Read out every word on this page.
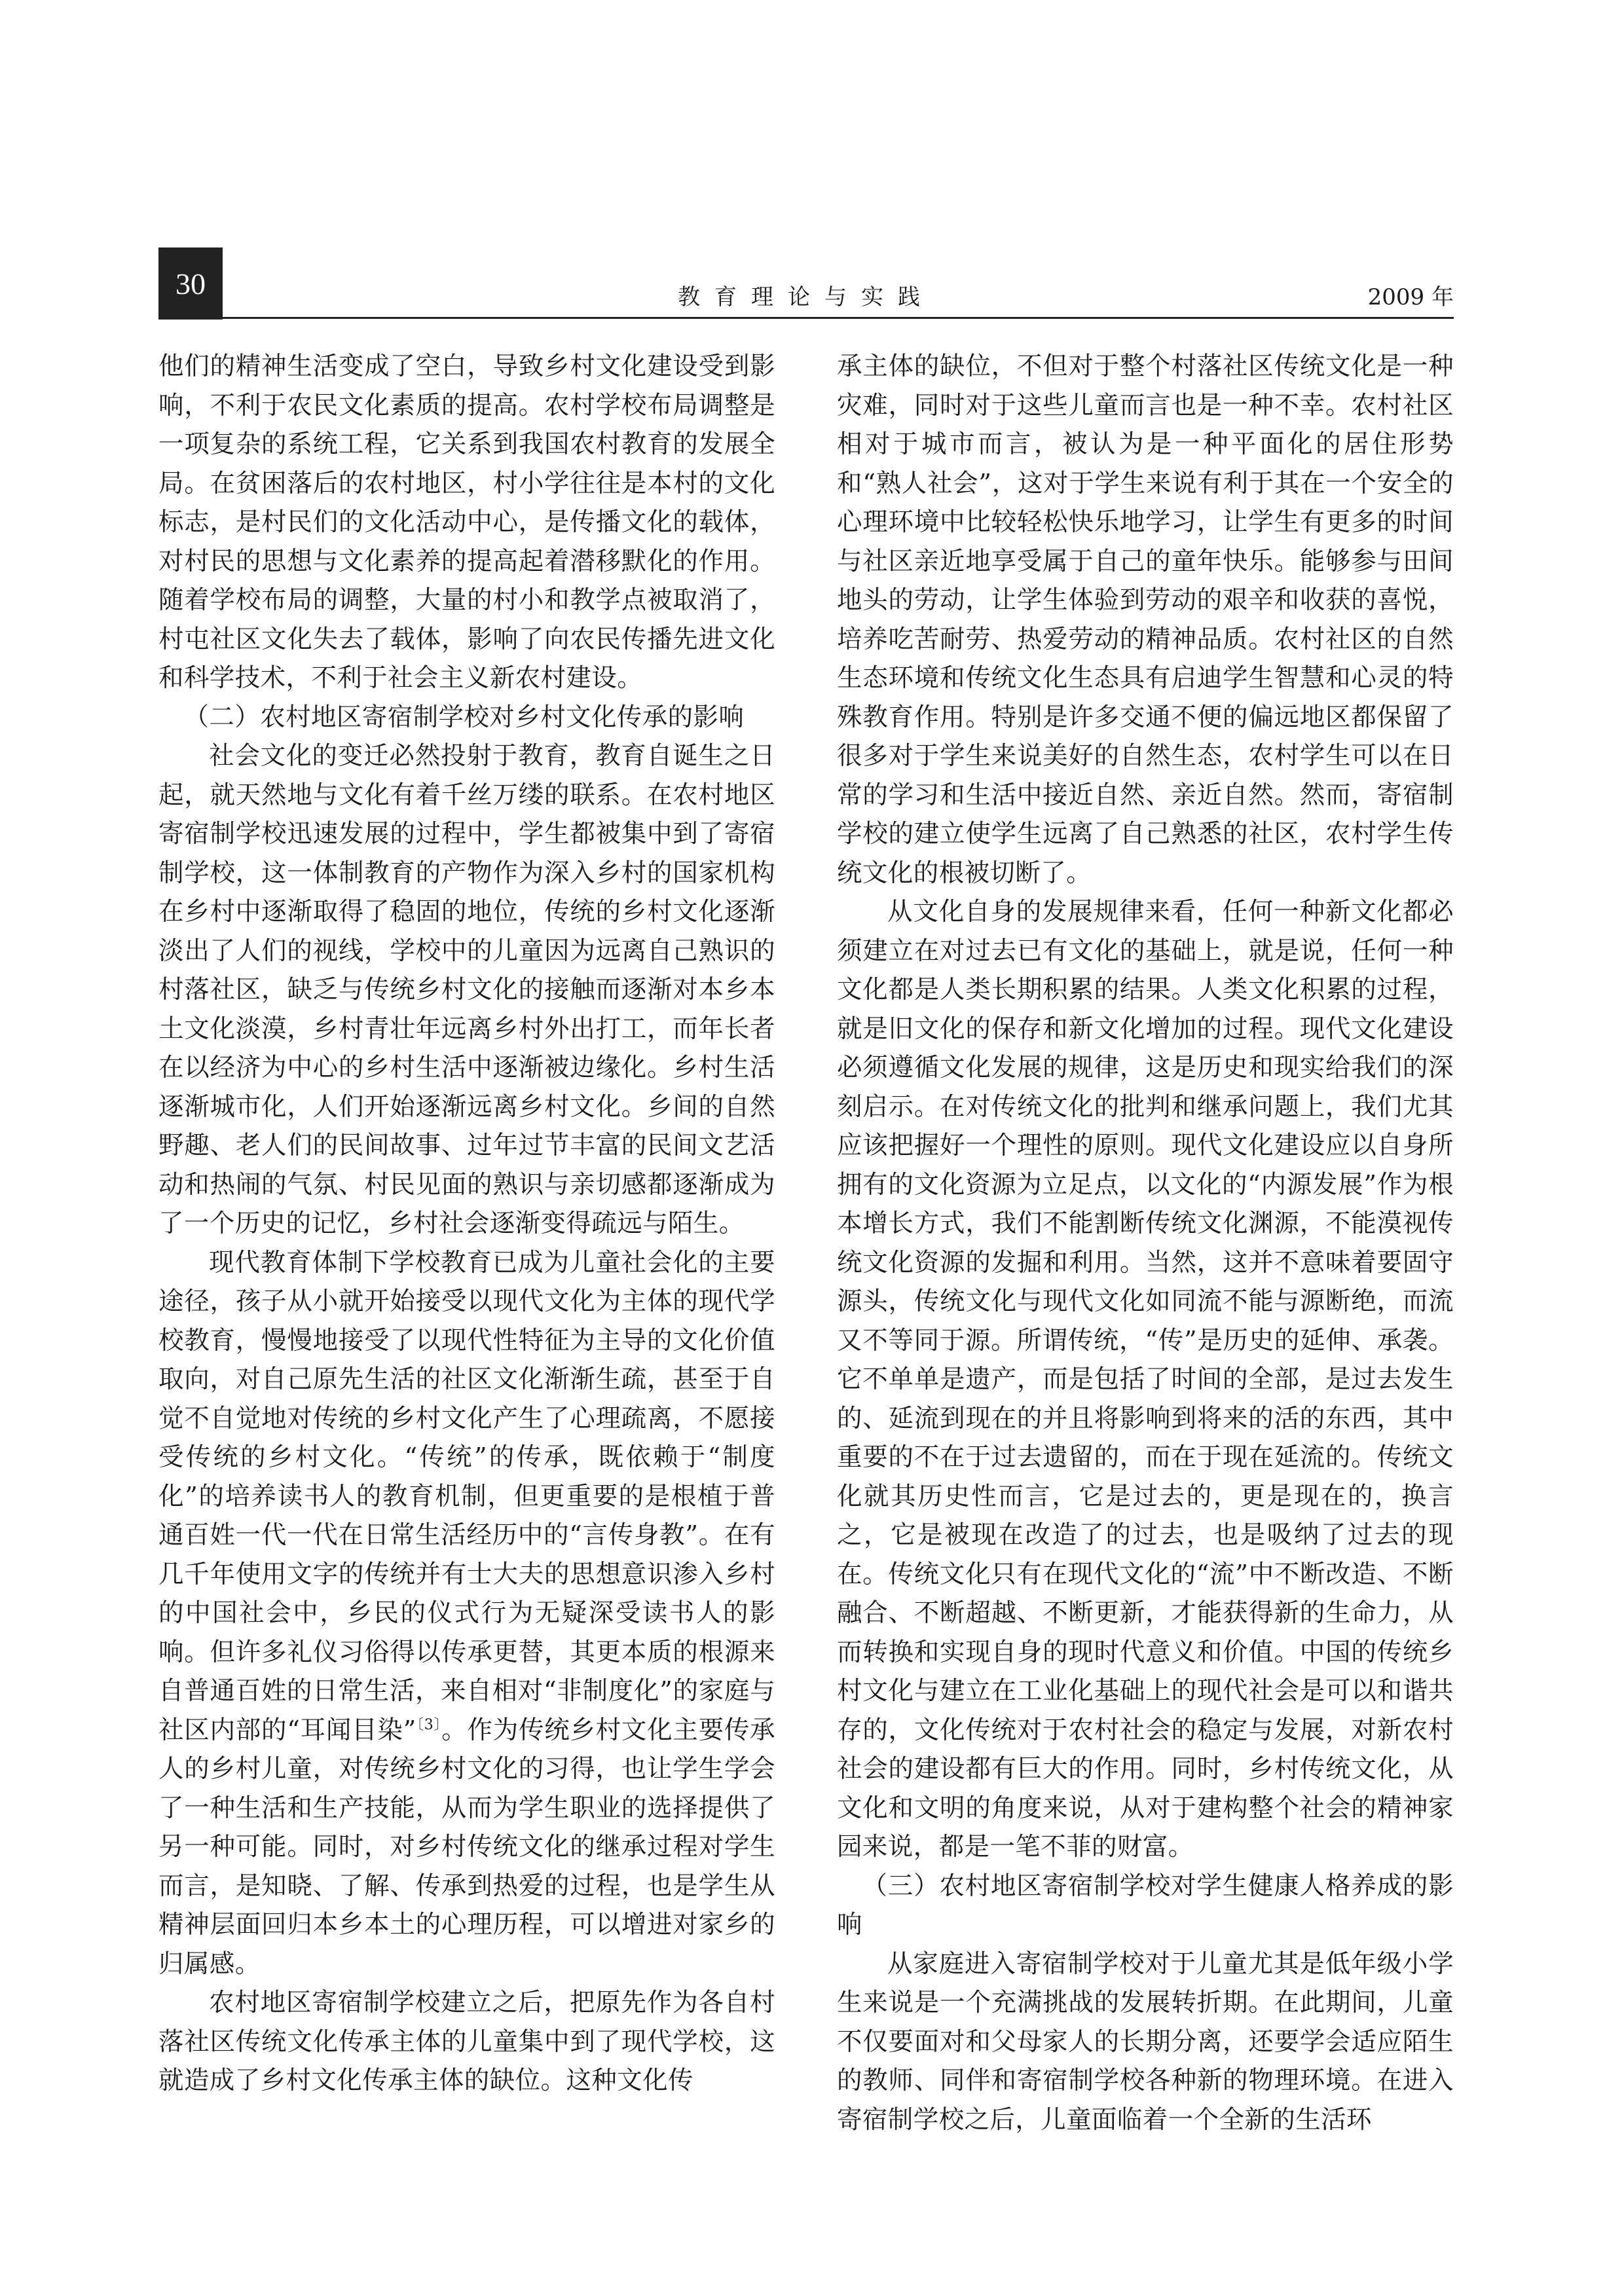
30	教育理论与实践	2009 年

他们的精神生活变成了空白，导致乡村文化建设受到影响，不利于农民文化素质的提高。农村学校布局调整是一项复杂的系统工程，它关系到我国农村教育的发展全局。在贫困落后的农村地区，村小学往往是本村的文化标志，是村民们的文化活动中心，是传播文化的载体，对村民的思想与文化素养的提高起着潜移默化的作用。随着学校布局的调整，大量的村小和教学点被取消了，村屯社区文化失去了载体，影响了向农民传播先进文化和科学技术，不利于社会主义新农村建设。

（二）农村地区寄宿制学校对乡村文化传承的影响

社会文化的变迁必然投射于教育，教育自诞生之日起，就天然地与文化有着千丝万缕的联系。在农村地区寄宿制学校迅速发展的过程中，学生都被集中到了寄宿制学校，这一体制教育的产物作为深入乡村的国家机构在乡村中逐渐取得了稳固的地位，传统的乡村文化逐渐淡出了人们的视线，学校中的儿童因为远离自己熟识的村落社区，缺乏与传统乡村文化的接触而逐渐对本乡本土文化淡漠，乡村青壮年远离乡村外出打工，而年长者在以经济为中心的乡村生活中逐渐被边缘化。乡村生活逐渐城市化，人们开始逐渐远离乡村文化。乡间的自然野趣、老人们的民间故事、过年过节丰富的民间文艺活动和热闹的气氛、村民见面的熟识与亲切感都逐渐成为了一个历史的记忆，乡村社会逐渐变得疏远与陌生。

现代教育体制下学校教育已成为儿童社会化的主要途径，孩子从小就开始接受以现代文化为主体的现代学校教育，慢慢地接受了以现代性特征为主导的文化价值取向，对自己原先生活的社区文化渐渐生疏，甚至于自觉不自觉地对传统的乡村文化产生了心理疏离，不愿接受传统的乡村文化。“传统”的传承，既依赖于“制度化”的培养读书人的教育机制，但更重要的是根植于普通百姓一代一代在日常生活经历中的“言传身教”。在有几千年使用文字的传统并有士大夫的思想意识渗入乡村的中国社会中，乡民的仪式行为无疑深受读书人的影响。但许多礼仪习俗得以传承更替，其更本质的根源来自普通百姓的日常生活，来自相对“非制度化”的家庭与社区内部的“耳闻目染”$^{〔3〕}$。作为传统乡村文化主要传承人的乡村儿童，对传统乡村文化的习得，也让学生学会了一种生活和生产技能，从而为学生职业的选择提供了另一种可能。同时，对乡村传统文化的继承过程对学生而言，是知晓、了解、传承到热爱的过程，也是学生从精神层面回归本乡本土的心理历程，可以增进对家乡的归属感。

农村地区寄宿制学校建立之后，把原先作为各自村落社区传统文化传承主体的儿童集中到了现代学校，这就造成了乡村文化传承主体的缺位。这种文化传

承主体的缺位，不但对于整个村落社区传统文化是一种灾难，同时对于这些儿童而言也是一种不幸。农村社区相对于城市而言，被认为是一种平面化的居住形势和“熟人社会”，这对于学生来说有利于其在一个安全的心理环境中比较轻松快乐地学习，让学生有更多的时间与社区亲近地享受属于自己的童年快乐。能够参与田间地头的劳动，让学生体验到劳动的艰辛和收获的喜悦，培养吃苦耐劳、热爱劳动的精神品质。农村社区的自然生态环境和传统文化生态具有启迪学生智慧和心灵的特殊教育作用。特别是许多交通不便的偏远地区都保留了很多对于学生来说美好的自然生态，农村学生可以在日常的学习和生活中接近自然、亲近自然。然而，寄宿制学校的建立使学生远离了自己熟悉的社区，农村学生传统文化的根被切断了。

从文化自身的发展规律来看，任何一种新文化都必须建立在对过去已有文化的基础上，就是说，任何一种文化都是人类长期积累的结果。人类文化积累的过程，就是旧文化的保存和新文化增加的过程。现代文化建设必须遵循文化发展的规律，这是历史和现实给我们的深刻启示。在对传统文化的批判和继承问题上，我们尤其应该把握好一个理性的原则。现代文化建设应以自身所拥有的文化资源为立足点，以文化的“内源发展”作为根本增长方式，我们不能割断传统文化渊源，不能漠视传统文化资源的发掘和利用。当然，这并不意味着要固守源头，传统文化与现代文化如同流不能与源断绝，而流又不等同于源。所谓传统，“传”是历史的延伸、承袭。它不单单是遗产，而是包括了时间的全部，是过去发生的、延流到现在的并且将影响到将来的活的东西，其中重要的不在于过去遗留的，而在于现在延流的。传统文化就其历史性而言，它是过去的，更是现在的，换言之，它是被现在改造了的过去，也是吸纳了过去的现在。传统文化只有在现代文化的“流”中不断改造、不断融合、不断超越、不断更新，才能获得新的生命力，从而转换和实现自身的现时代意义和价值。中国的传统乡村文化与建立在工业化基础上的现代社会是可以和谐共存的，文化传统对于农村社会的稳定与发展，对新农村社会的建设都有巨大的作用。同时，乡村传统文化，从文化和文明的角度来说，从对于建构整个社会的精神家园来说，都是一笔不菲的财富。

（三）农村地区寄宿制学校对学生健康人格养成的影响

从家庭进入寄宿制学校对于儿童尤其是低年级小学生来说是一个充满挑战的发展转折期。在此期间，儿童不仅要面对和父母家人的长期分离，还要学会适应陌生的教师、同伴和寄宿制学校各种新的物理环境。在进入寄宿制学校之后，儿童面临着一个全新的生活环
